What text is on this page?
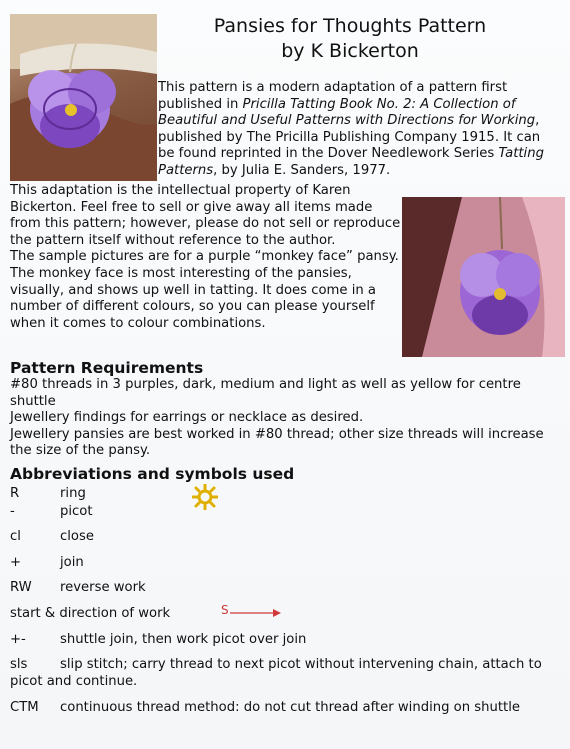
Pansies for Thoughts Pattern
by K Bickerton
This pattern is a modern adaptation of a pattern first published in Pricilla Tatting Book No. 2: A Collection of Beautiful and Useful Patterns with Directions for Working, published by The Pricilla Publishing Company 1915. It can be found reprinted in the Dover Needlework Series Tatting Patterns, by Julia E. Sanders, 1977.
This adaptation is the intellectual property of Karen Bickerton. Feel free to sell or give away all items made from this pattern; however, please do not sell or reproduce the pattern itself without reference to the author.
The sample pictures are for a purple “monkey face” pansy. The monkey face is most interesting of the pansies, visually, and shows up well in tatting. It does come in a number of different colours, so you can please yourself when it comes to colour combinations.
Pattern Requirements
#80 threads in 3 purples, dark, medium and light as well as yellow for centre shuttle
Jewellery findings for earrings or necklace as desired.
Jewellery pansies are best worked in #80 thread; other size threads will increase the size of the pansy.
Abbreviations and symbols used
R	ring
-	picot
cl	close
+	join
RW reverse work
start & direction of work	S
+-	shuttle join, then work picot over join
sls slip stitch; carry thread to next picot without intervening chain, attach to picot and continue.
CTM continuous thread method: do not cut thread after winding on shuttle
